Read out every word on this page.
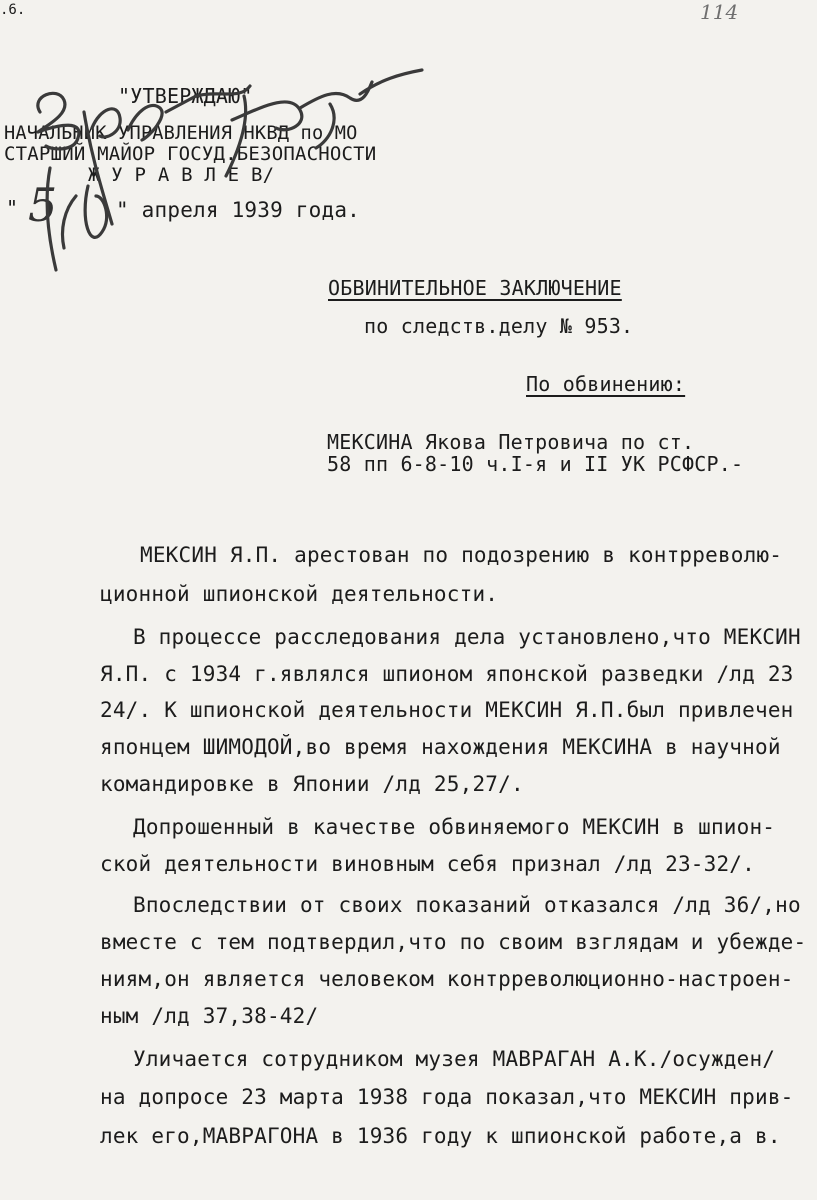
.6.	114
"УТВЕРЖДАЮ"
НАЧАЛЬНИК УПРАВЛЕНИЯ НКВД по МО
СТАРШИЙ МАЙОР ГОСУД.БЕЗОПАСНОСТИ
Ж У Р А В Л Е В/
" 5	" апреля 1939 года.
ОБВИНИТЕЛЬНОЕ ЗАКЛЮЧЕНИЕ
по следств.делу № 953.
По обвинению:
МЕКСИНА Якова Петровича по ст.
58 пп 6-8-10 ч.I-я и II УК РСФСР.-
МЕКСИН Я.П. арестован по подозрению в контрреволю-
ционной шпионской деятельности.
В процессе расследования дела установлено,что МЕКСИН
Я.П. с 1934 г.являлся шпионом японской разведки /лд 23
24/. К шпионской деятельности МЕКСИН Я.П.был привлечен
японцем ШИМОДОЙ,во время нахождения МЕКСИНА в научной
командировке в Японии /лд 25,27/.
Допрошенный в качестве обвиняемого МЕКСИН в шпион-
ской деятельности виновным себя признал /лд 23-32/.
Впоследствии от своих показаний отказался /лд 36/,но
вместе с тем подтвердил,что по своим взглядам и убежде-
ниям,он является человеком контрреволюционно-настроен-
ным /лд 37,38-42/
Уличается сотрудником музея МАВРАГАН А.К./осужден/
на допросе 23 марта 1938 года показал,что МЕКСИН прив-
лек его,МАВРАГОНА в 1936 году к шпионской работе,а в.
